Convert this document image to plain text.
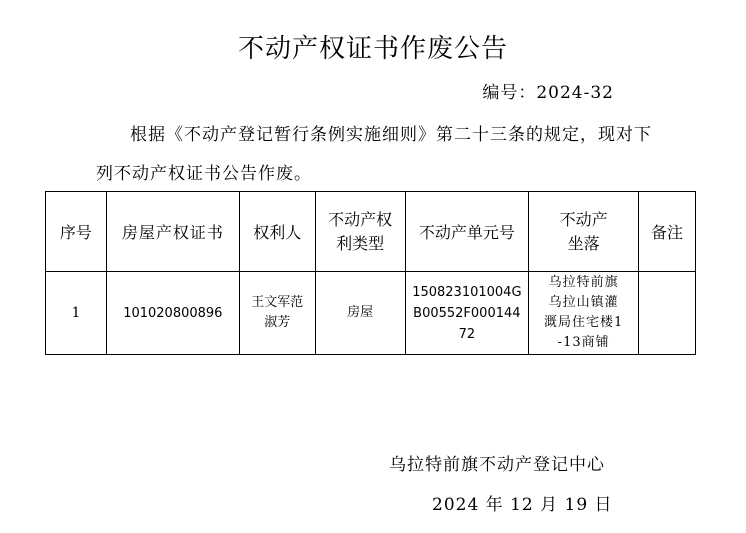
不动产权证书作废公告
编号：2024-32
根据《不动产登记暂行条例实施细则》第二十三条的规定，现对下列不动产权证书公告作废。
序号	房屋产权证书	权利人	不动产权利类型	不动产单元号	不动产坐落	备注
1	101020800896	王文军范淑芳	房屋	150823101004GB00552F00014472	乌拉特前旗乌拉山镇灌溉局住宅楼1-13商铺	
乌拉特前旗不动产登记中心
2024 年 12 月 19 日
